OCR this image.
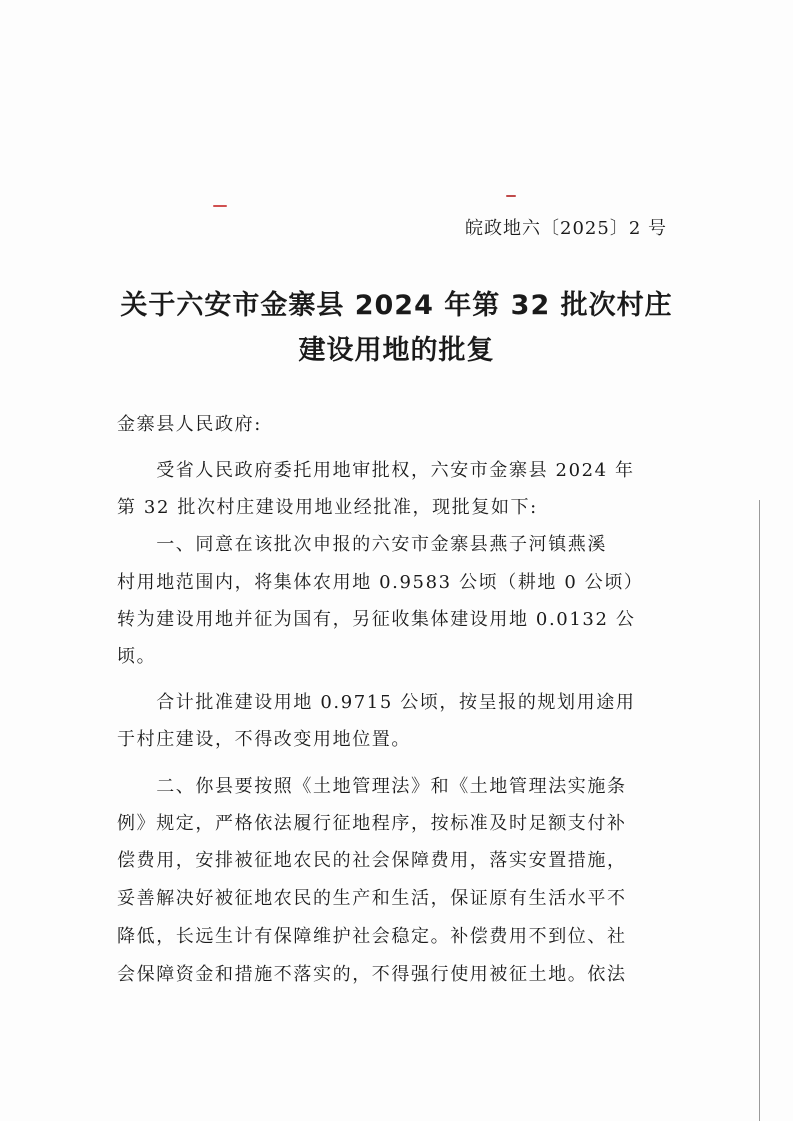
皖政地六〔2025〕2 号
关于六安市金寨县 2024 年第 32 批次村庄
建设用地的批复
金寨县人民政府:
　　受省人民政府委托用地审批权，六安市金寨县 2024 年
第 32 批次村庄建设用地业经批准，现批复如下:
　　一、同意在该批次申报的六安市金寨县燕子河镇燕溪
村用地范围内，将集体农用地 0.9583 公顷（耕地 0 公顷）
转为建设用地并征为国有，另征收集体建设用地 0.0132 公
顷。
　　合计批准建设用地 0.9715 公顷，按呈报的规划用途用
于村庄建设，不得改变用地位置。
　　二、你县要按照《土地管理法》和《土地管理法实施条
例》规定，严格依法履行征地程序，按标准及时足额支付补
偿费用，安排被征地农民的社会保障费用，落实安置措施，
妥善解决好被征地农民的生产和生活，保证原有生活水平不
降低，长远生计有保障维护社会稳定。补偿费用不到位、社
会保障资金和措施不落实的，不得强行使用被征土地。依法
